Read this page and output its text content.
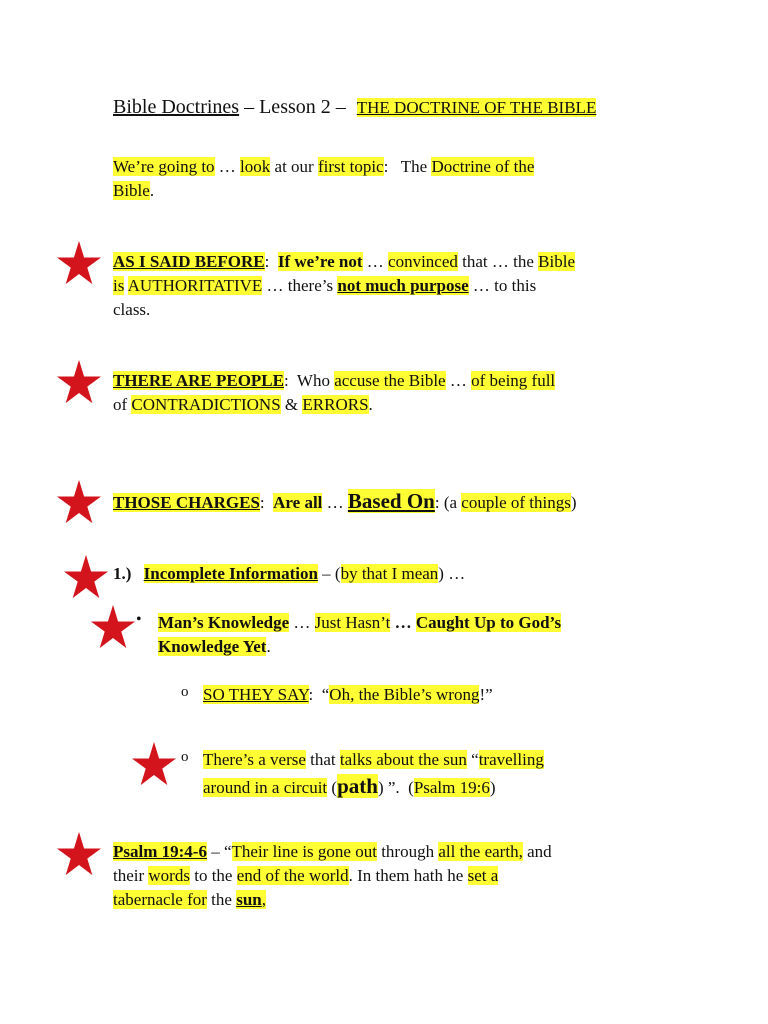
Bible Doctrines – Lesson 2 – THE DOCTRINE OF THE BIBLE
We’re going to … look at our first topic:   The Doctrine of the
Bible.
AS I SAID BEFORE:  If we’re not … convinced that … the Bible
is AUTHORITATIVE … there’s not much purpose … to this
class.
THERE ARE PEOPLE:  Who accuse the Bible … of being full
of CONTRADICTIONS & ERRORS.
THOSE CHARGES:  Are all … Based On: (a couple of things)
1.) Incomplete Information – (by that I mean) …
• Man’s Knowledge … Just Hasn’t … Caught Up to God’s
Knowledge Yet.
o SO THEY SAY:  “Oh, the Bible’s wrong!”
o There’s a verse that talks about the sun “travelling
around in a circuit (path) ”.  (Psalm 19:6)
Psalm 19:4-6 – “Their line is gone out through all the earth, and
their words to the end of the world. In them hath he set a
tabernacle for the sun,
